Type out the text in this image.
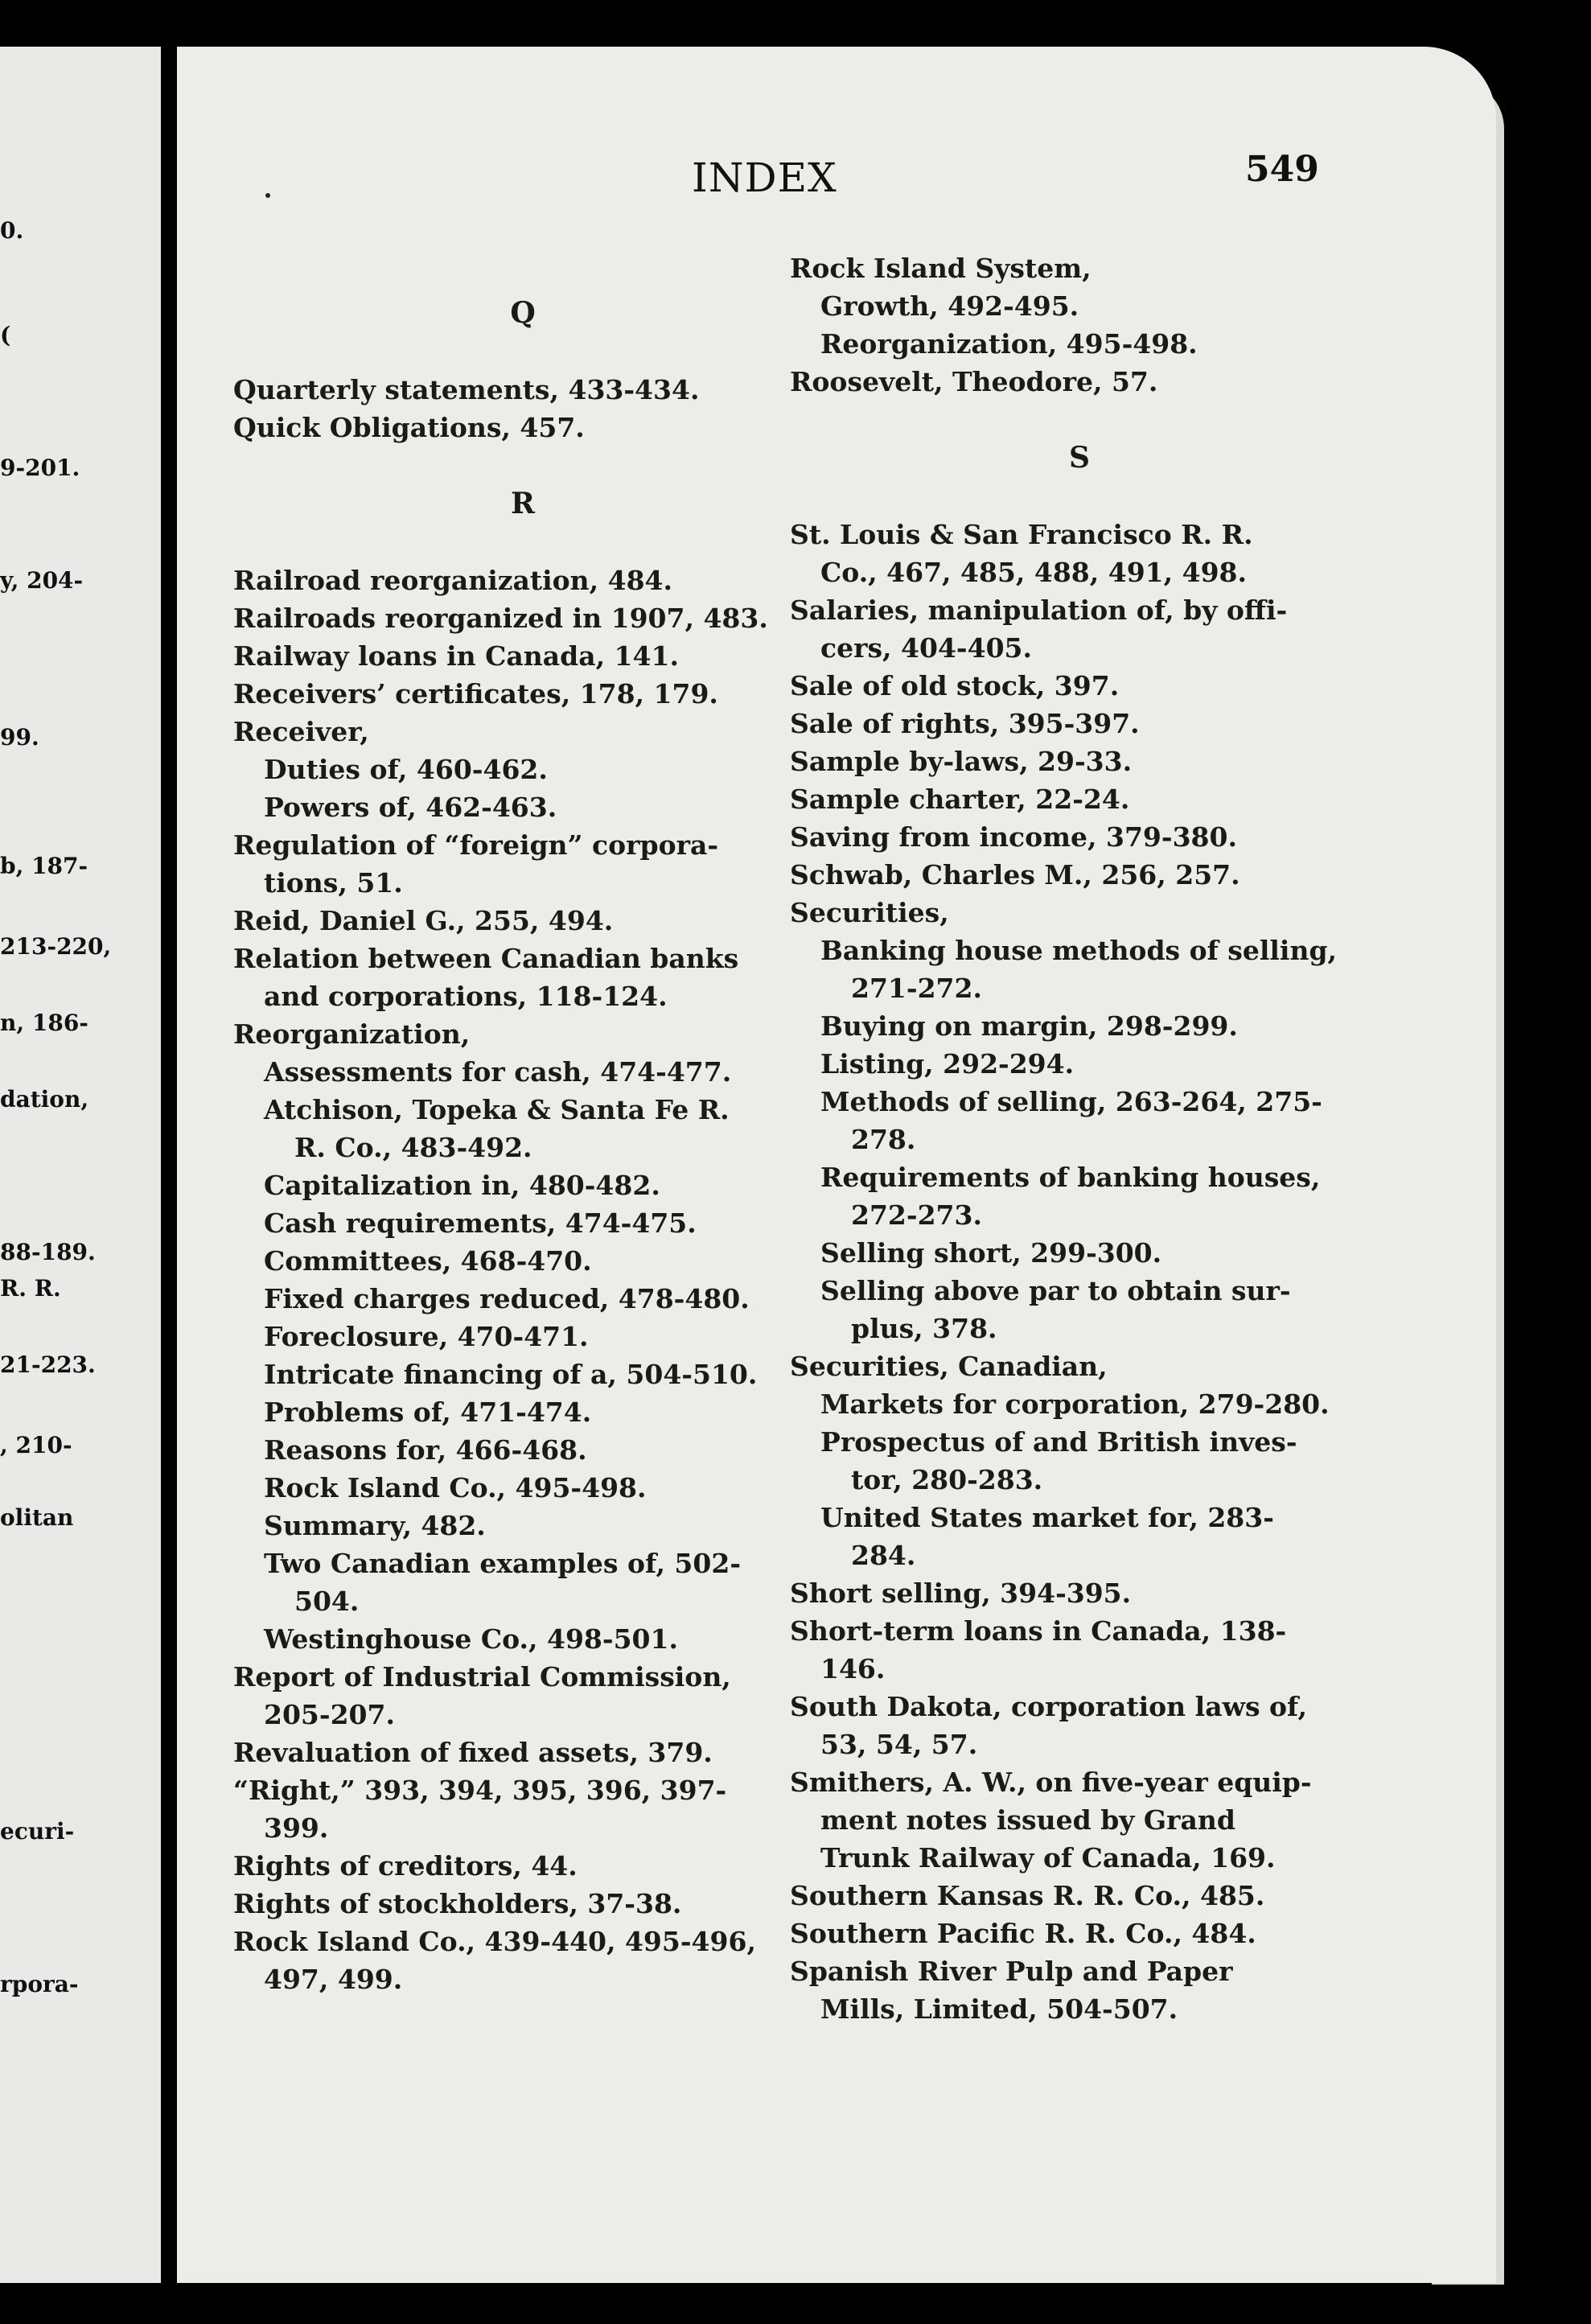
0.
(
9-201.
y, 204-
99.
b, 187-
213-220,
n, 186-
dation,
88-189.
R. R.
21-223.
, 210-
olitan
ecuri-
rpora-
INDEX	549
Q
Quarterly statements, 433-434.
Quick Obligations, 457.
R
Railroad reorganization, 484.
Railroads reorganized in 1907, 483.
Railway loans in Canada, 141.
Receivers’ certificates, 178, 179.
Receiver,
Duties of, 460-462.
Powers of, 462-463.
Regulation of “foreign” corpora-
tions, 51.
Reid, Daniel G., 255, 494.
Relation between Canadian banks
and corporations, 118-124.
Reorganization,
Assessments for cash, 474-477.
Atchison, Topeka & Santa Fe R.
R. Co., 483-492.
Capitalization in, 480-482.
Cash requirements, 474-475.
Committees, 468-470.
Fixed charges reduced, 478-480.
Foreclosure, 470-471.
Intricate financing of a, 504-510.
Problems of, 471-474.
Reasons for, 466-468.
Rock Island Co., 495-498.
Summary, 482.
Two Canadian examples of, 502-
504.
Westinghouse Co., 498-501.
Report of Industrial Commission,
205-207.
Revaluation of fixed assets, 379.
“Right,” 393, 394, 395, 396, 397-
399.
Rights of creditors, 44.
Rights of stockholders, 37-38.
Rock Island Co., 439-440, 495-496,
497, 499.
Rock Island System,
Growth, 492-495.
Reorganization, 495-498.
Roosevelt, Theodore, 57.
S
St. Louis & San Francisco R. R.
Co., 467, 485, 488, 491, 498.
Salaries, manipulation of, by offi-
cers, 404-405.
Sale of old stock, 397.
Sale of rights, 395-397.
Sample by-laws, 29-33.
Sample charter, 22-24.
Saving from income, 379-380.
Schwab, Charles M., 256, 257.
Securities,
Banking house methods of selling,
271-272.
Buying on margin, 298-299.
Listing, 292-294.
Methods of selling, 263-264, 275-
278.
Requirements of banking houses,
272-273.
Selling short, 299-300.
Selling above par to obtain sur-
plus, 378.
Securities, Canadian,
Markets for corporation, 279-280.
Prospectus of and British inves-
tor, 280-283.
United States market for, 283-
284.
Short selling, 394-395.
Short-term loans in Canada, 138-
146.
South Dakota, corporation laws of,
53, 54, 57.
Smithers, A. W., on five-year equip-
ment notes issued by Grand
Trunk Railway of Canada, 169.
Southern Kansas R. R. Co., 485.
Southern Pacific R. R. Co., 484.
Spanish River Pulp and Paper
Mills, Limited, 504-507.
